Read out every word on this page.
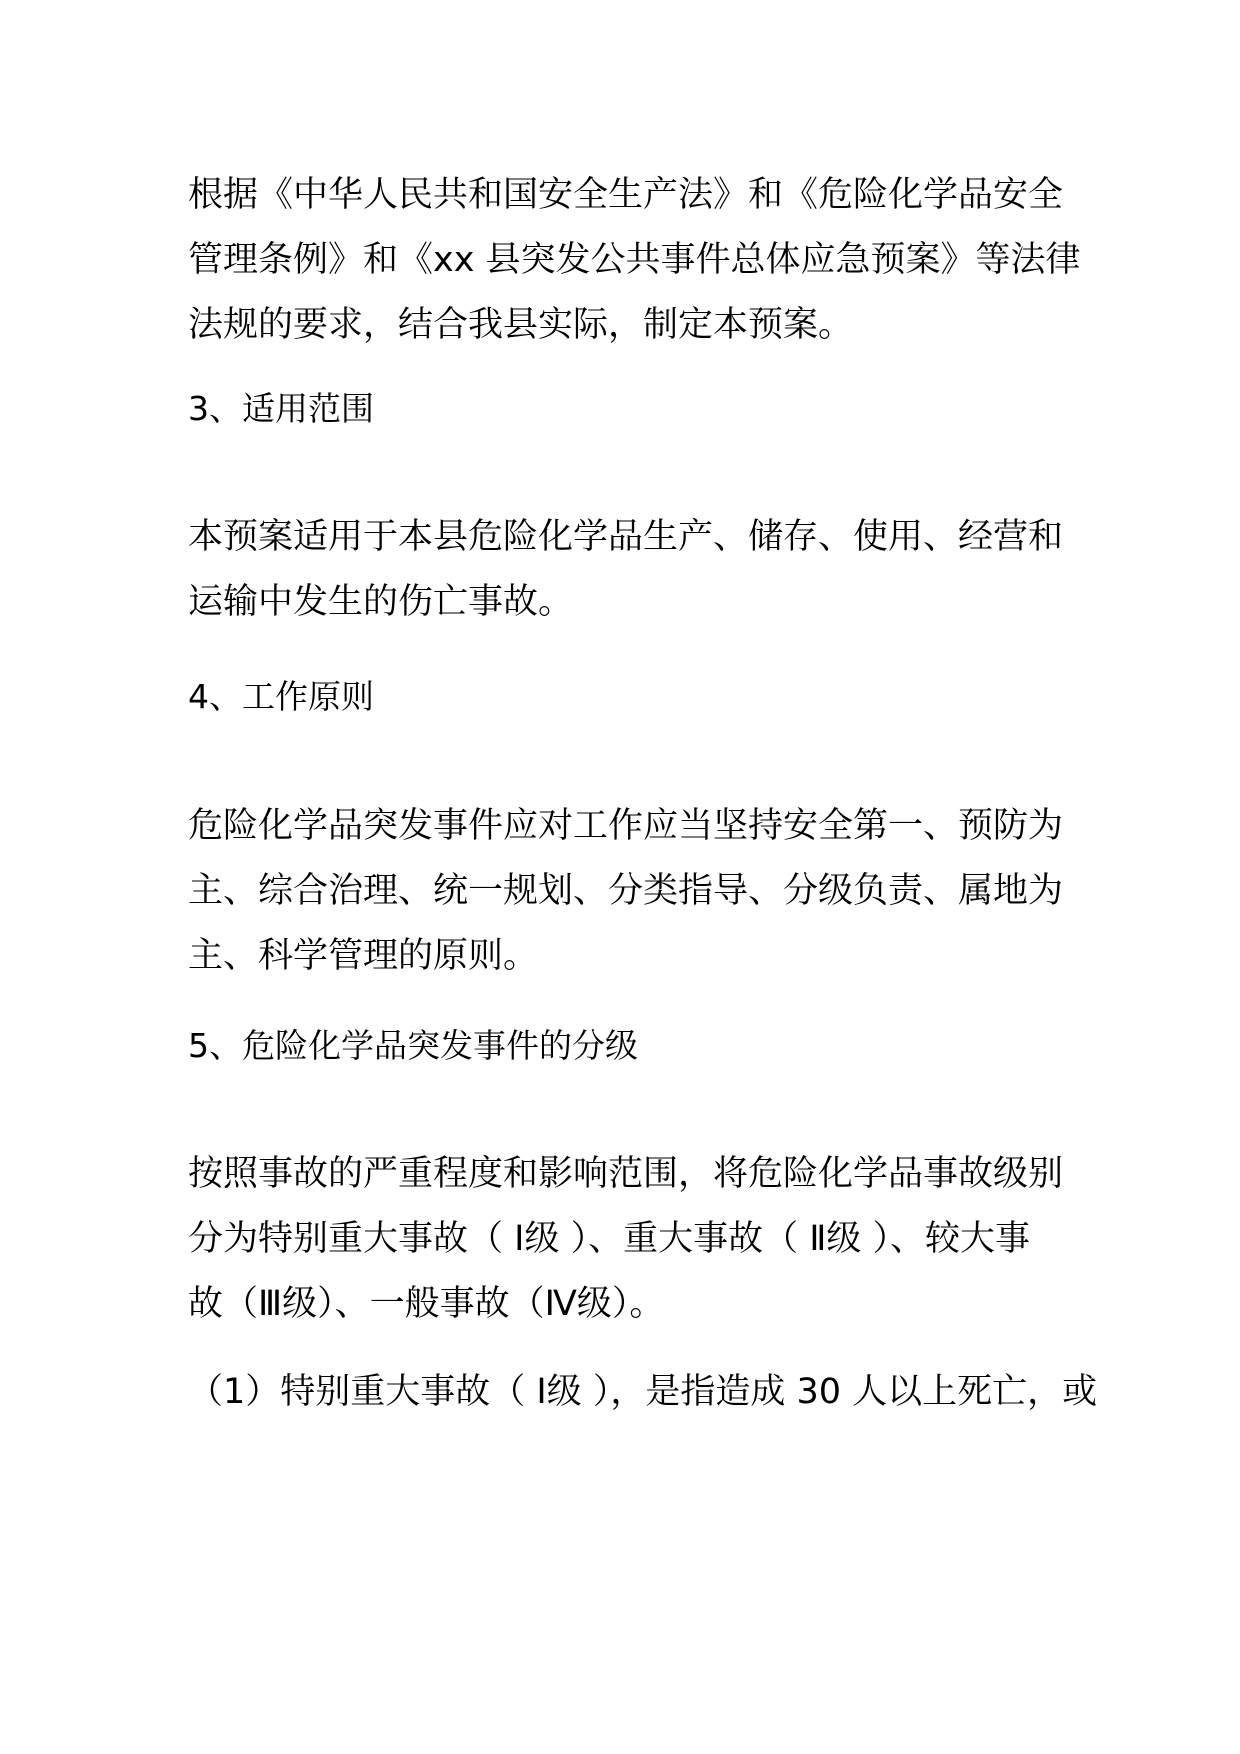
根据《中华人民共和国安全生产法》和《危险化学品安全
管理条例》和《xx 县突发公共事件总体应急预案》等法律
法规的要求，结合我县实际，制定本预案。

3、适用范围

本预案适用于本县危险化学品生产、储存、使用、经营和
运输中发生的伤亡事故。

4、工作原则

危险化学品突发事件应对工作应当坚持安全第一、预防为
主、综合治理、统一规划、分类指导、分级负责、属地为
主、科学管理的原则。

5、危险化学品突发事件的分级

按照事故的严重程度和影响范围，将危险化学品事故级别
分为特别重大事故（ Ⅰ级 ）、重大事故（ Ⅱ级 ）、较大事
故（Ⅲ级）、一般事故（Ⅳ级）。

（1）特别重大事故（ Ⅰ级 ），是指造成 30 人以上死亡，或
